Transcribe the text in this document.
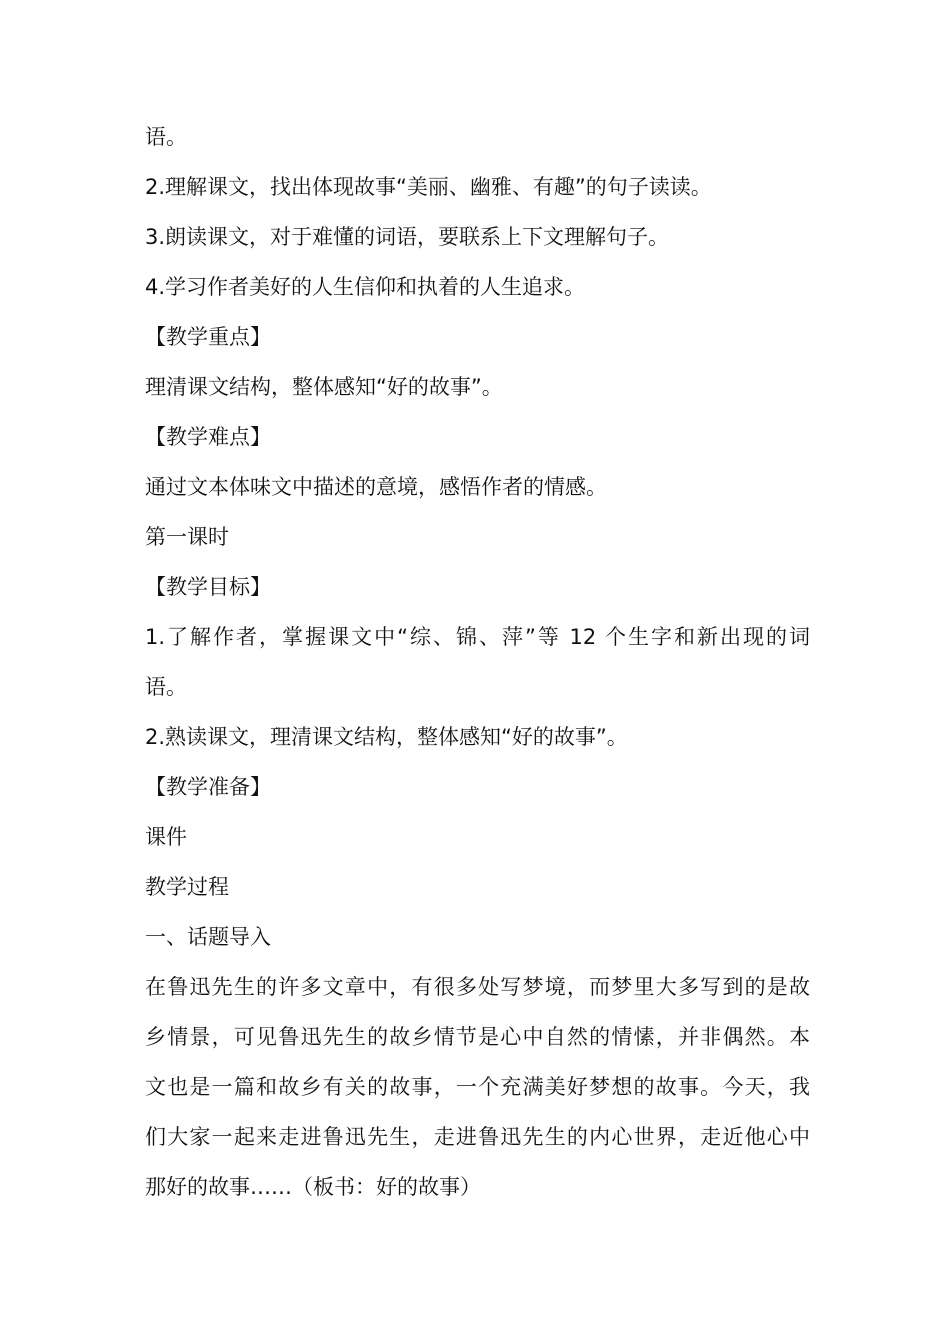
语。

2.理解课文，找出体现故事“美丽、幽雅、有趣”的句子读读。

3.朗读课文，对于难懂的词语，要联系上下文理解句子。

4.学习作者美好的人生信仰和执着的人生追求。

【教学重点】

理清课文结构，整体感知“好的故事”。

【教学难点】

通过文本体味文中描述的意境，感悟作者的情感。

第一课时

【教学目标】

1.了解作者，掌握课文中“综、锦、萍”等 12 个生字和新出现的词

语。

2.熟读课文，理清课文结构，整体感知“好的故事”。

【教学准备】

课件

教学过程

一、话题导入

在鲁迅先生的许多文章中，有很多处写梦境，而梦里大多写到的是故

乡情景，可见鲁迅先生的故乡情节是心中自然的情愫，并非偶然。本

文也是一篇和故乡有关的故事，一个充满美好梦想的故事。今天，我

们大家一起来走进鲁迅先生，走进鲁迅先生的内心世界，走近他心中

那好的故事……（板书：好的故事）
